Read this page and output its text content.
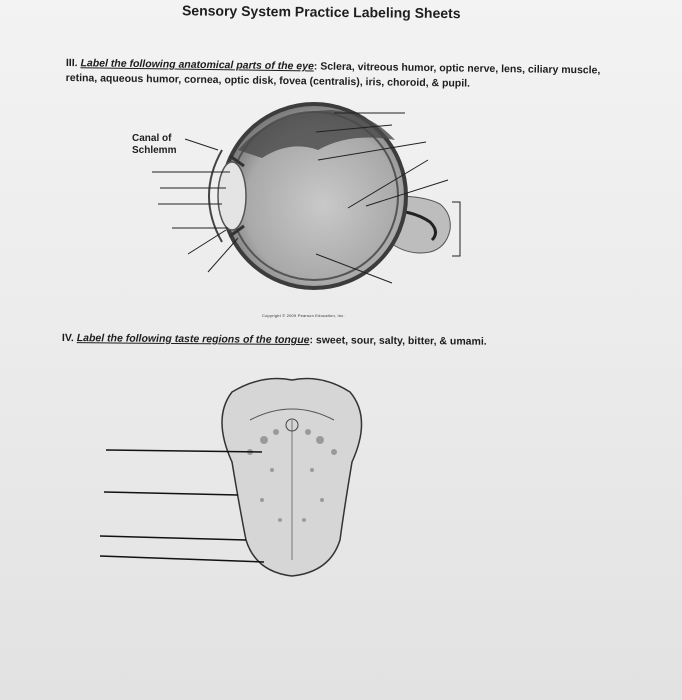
Sensory System Practice Labeling Sheets
III. Label the following anatomical parts of the eye: Sclera, vitreous humor, optic nerve, lens, ciliary muscle, retina, aqueous humor, cornea, optic disk, fovea (centralis), iris, choroid, & pupil.
Canal of
Schlemm
Copyright © 2009 Pearson Education, Inc.
IV. Label the following taste regions of the tongue: sweet, sour, salty, bitter, & umami.
